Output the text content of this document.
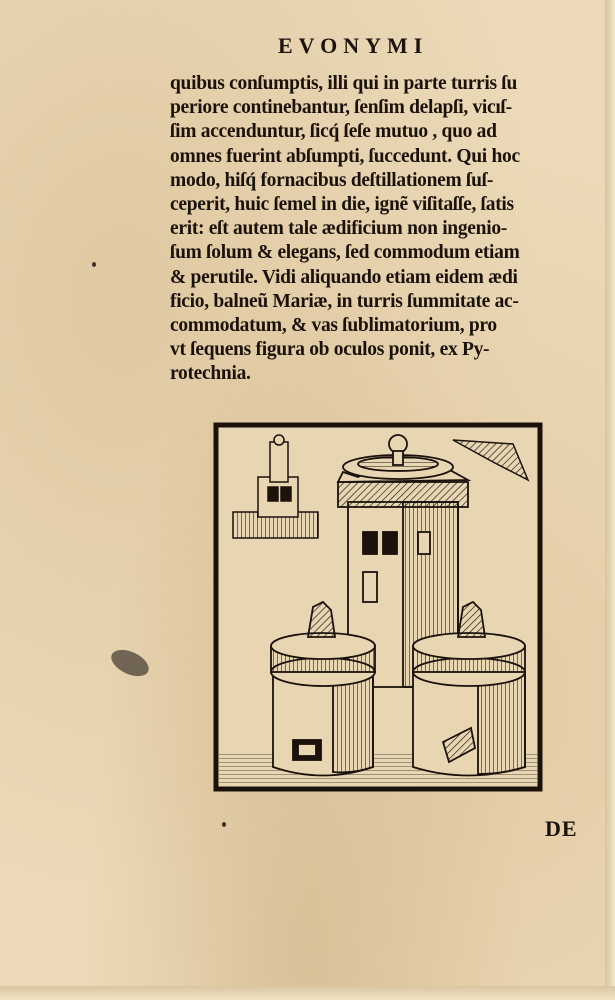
EVONYMI
quibus conſumptis, illi qui in parte turris ſu
periore continebantur, ſenſim delapſi, vicıſ-
ſim accenduntur, ſicq́ ſeſe mutuo , quo ad
omnes fuerint abſumpti, ſuccedunt. Qui hoc
modo, hiſq́ fornacibus deſtillationem ſuſ-
ceperit, huic ſemel in die, ignẽ viſitaſſe, ſatis
erit: eſt autem tale ædificium non ingenio-
ſum ſolum & elegans, ſed commodum etiam
& perutile. Vidi aliquando etiam eidem ædi
ficio, balneũ Mariæ, in turris ſummitate ac-
commodatum, & vas ſublimatorium, pro
vt ſequens figura ob oculos ponit, ex Py-
rotechnia.
DE
